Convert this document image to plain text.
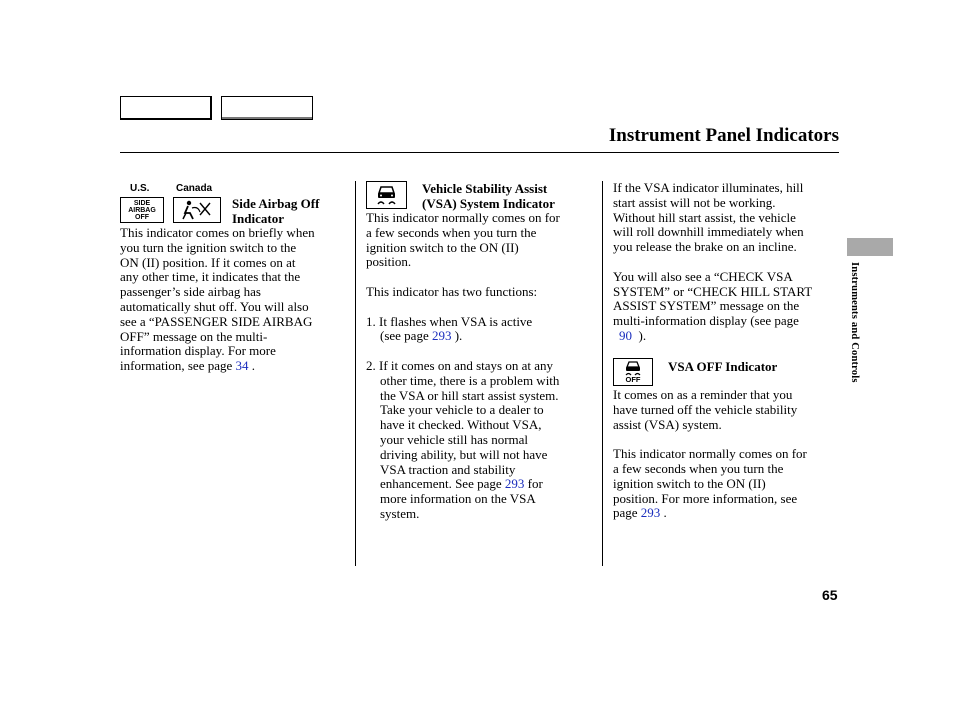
Instrument Panel Indicators
Instruments and Controls
U.S.	Canada
SIDE
AIRBAG
OFF
Side Airbag Off
Indicator
This indicator comes on briefly when
you turn the ignition switch to the
ON (II) position. If it comes on at
any other time, it indicates that the
passenger’s side airbag has
automatically shut off. You will also
see a “PASSENGER SIDE AIRBAG
OFF” message on the multi-
information display. For more
information, see page 34 .
Vehicle Stability Assist
(VSA) System Indicator
This indicator normally comes on for
a few seconds when you turn the
ignition switch to the ON (II)
position.
This indicator has two functions:
1. It flashes when VSA is active
(see page 293 ).
2. If it comes on and stays on at any
other time, there is a problem with
the VSA or hill start assist system.
Take your vehicle to a dealer to
have it checked. Without VSA,
your vehicle still has normal
driving ability, but will not have
VSA traction and stability
enhancement. See page 293 for
more information on the VSA
system.
If the VSA indicator illuminates, hill
start assist will not be working.
Without hill start assist, the vehicle
will roll downhill immediately when
you release the brake on an incline.
You will also see a “CHECK VSA
SYSTEM” or “CHECK HILL START
ASSIST SYSTEM” message on the
multi-information display (see page
90  ).
OFF
VSA OFF Indicator
It comes on as a reminder that you
have turned off the vehicle stability
assist (VSA) system.
This indicator normally comes on for
a few seconds when you turn the
ignition switch to the ON (II)
position. For more information, see
page 293 .
65
